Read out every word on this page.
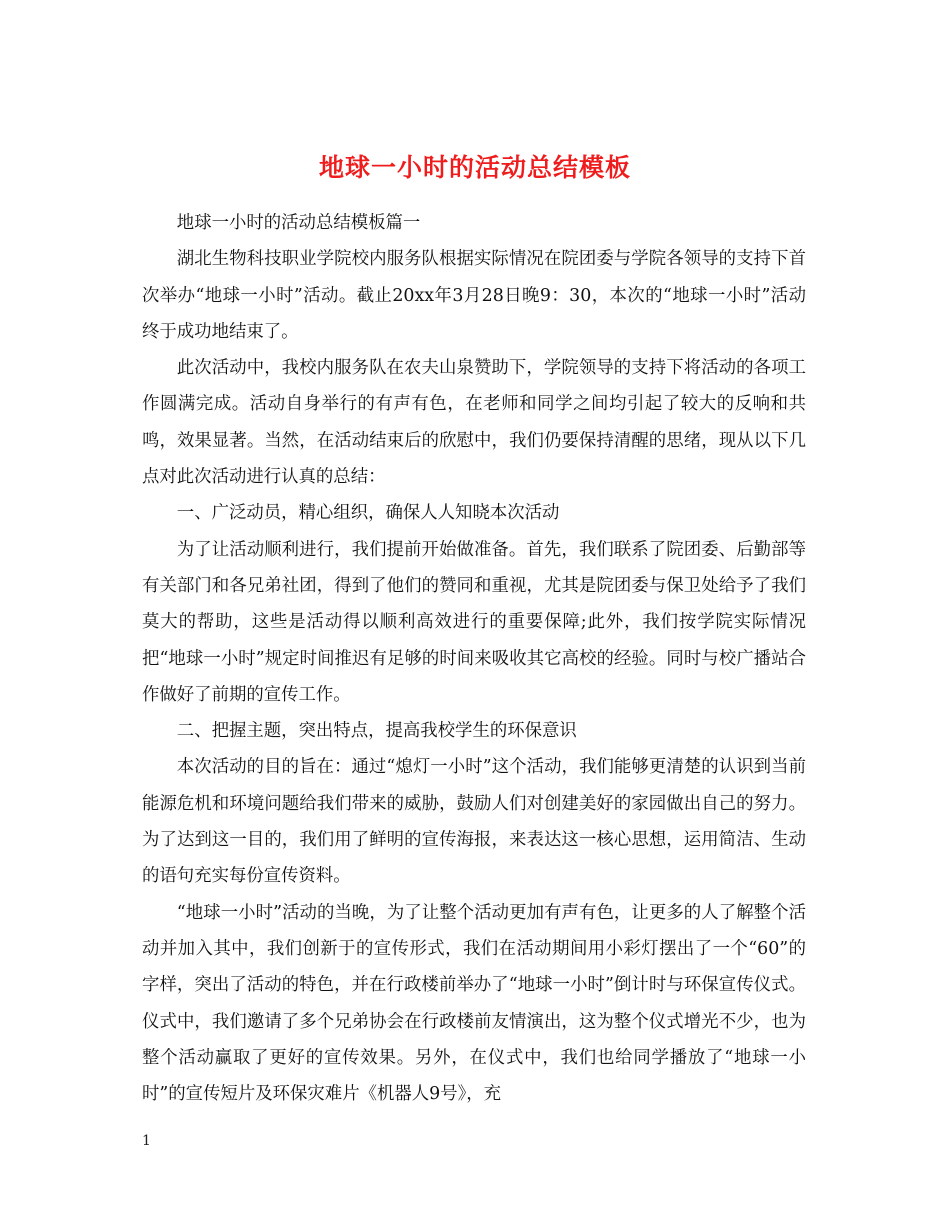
地球一小时的活动总结模板

地球一小时的活动总结模板篇一

湖北生物科技职业学院校内服务队根据实际情况在院团委与学院各领导的支持下首次举办“地球一小时”活动。截止20xx年3月28日晚9：30，本次的“地球一小时”活动终于成功地结束了。

此次活动中，我校内服务队在农夫山泉赞助下，学院领导的支持下将活动的各项工作圆满完成。活动自身举行的有声有色，在老师和同学之间均引起了较大的反响和共鸣，效果显著。当然，在活动结束后的欣慰中，我们仍要保持清醒的思绪，现从以下几点对此次活动进行认真的总结：

一、广泛动员，精心组织，确保人人知晓本次活动

为了让活动顺利进行，我们提前开始做准备。首先，我们联系了院团委、后勤部等有关部门和各兄弟社团，得到了他们的赞同和重视，尤其是院团委与保卫处给予了我们莫大的帮助，这些是活动得以顺利高效进行的重要保障;此外，我们按学院实际情况把“地球一小时”规定时间推迟有足够的时间来吸收其它高校的经验。同时与校广播站合作做好了前期的宣传工作。

二、把握主题，突出特点，提高我校学生的环保意识

本次活动的目的旨在：通过“熄灯一小时”这个活动，我们能够更清楚的认识到当前能源危机和环境问题给我们带来的威胁，鼓励人们对创建美好的家园做出自己的努力。为了达到这一目的，我们用了鲜明的宣传海报，来表达这一核心思想，运用简洁、生动的语句充实每份宣传资料。

“地球一小时”活动的当晚，为了让整个活动更加有声有色，让更多的人了解整个活动并加入其中，我们创新于的宣传形式，我们在活动期间用小彩灯摆出了一个“60”的字样，突出了活动的特色，并在行政楼前举办了“地球一小时”倒计时与环保宣传仪式。仪式中，我们邀请了多个兄弟协会在行政楼前友情演出，这为整个仪式增光不少，也为整个活动赢取了更好的宣传效果。另外，在仪式中，我们也给同学播放了“地球一小时”的宣传短片及环保灾难片《机器人9号》，充

1
